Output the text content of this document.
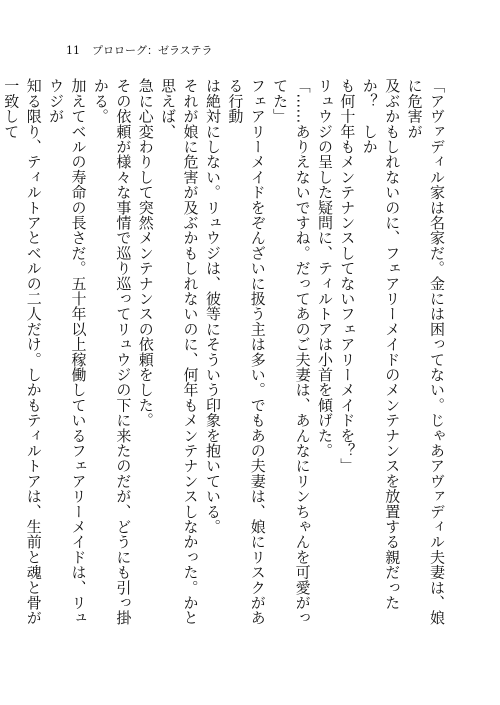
11 プロローグ：ゼラステラ

「アヴァディル家は名家だ。金には困ってない。じゃあアヴァディル夫妻は、娘に危害が

及ぶかもしれないのに、フェアリーメイドのメンテナンスを放置する親だったか？　しか

も何十年もメンテナンスしてないフェアリーメイドを？」

リュウジの呈した疑問に、ティルトアは小首を傾げた。

「……ありえないですね。だってあのご夫妻は、あんなにリンちゃんを可愛がってた」

フェアリーメイドをぞんざいに扱う主は多い。でもあの夫妻は、娘にリスクがある行動

は絶対にしない。リュウジは、彼等にそういう印象を抱いている。

それが娘に危害が及ぶかもしれないのに、何年もメンテナンスしなかった。かと思えば、

急に心変わりして突然メンテナンスの依頼をした。

その依頼が様々な事情で巡り巡ってリュウジの下に来たのだが、どうにも引っ掛かる。

加えてベルの寿命の長さだ。五十年以上稼働しているフェアリーメイドは、リュウジが

知る限り、ティルトアとベルの二人だけ。しかもティルトアは、生前と魂と骨が一致して
